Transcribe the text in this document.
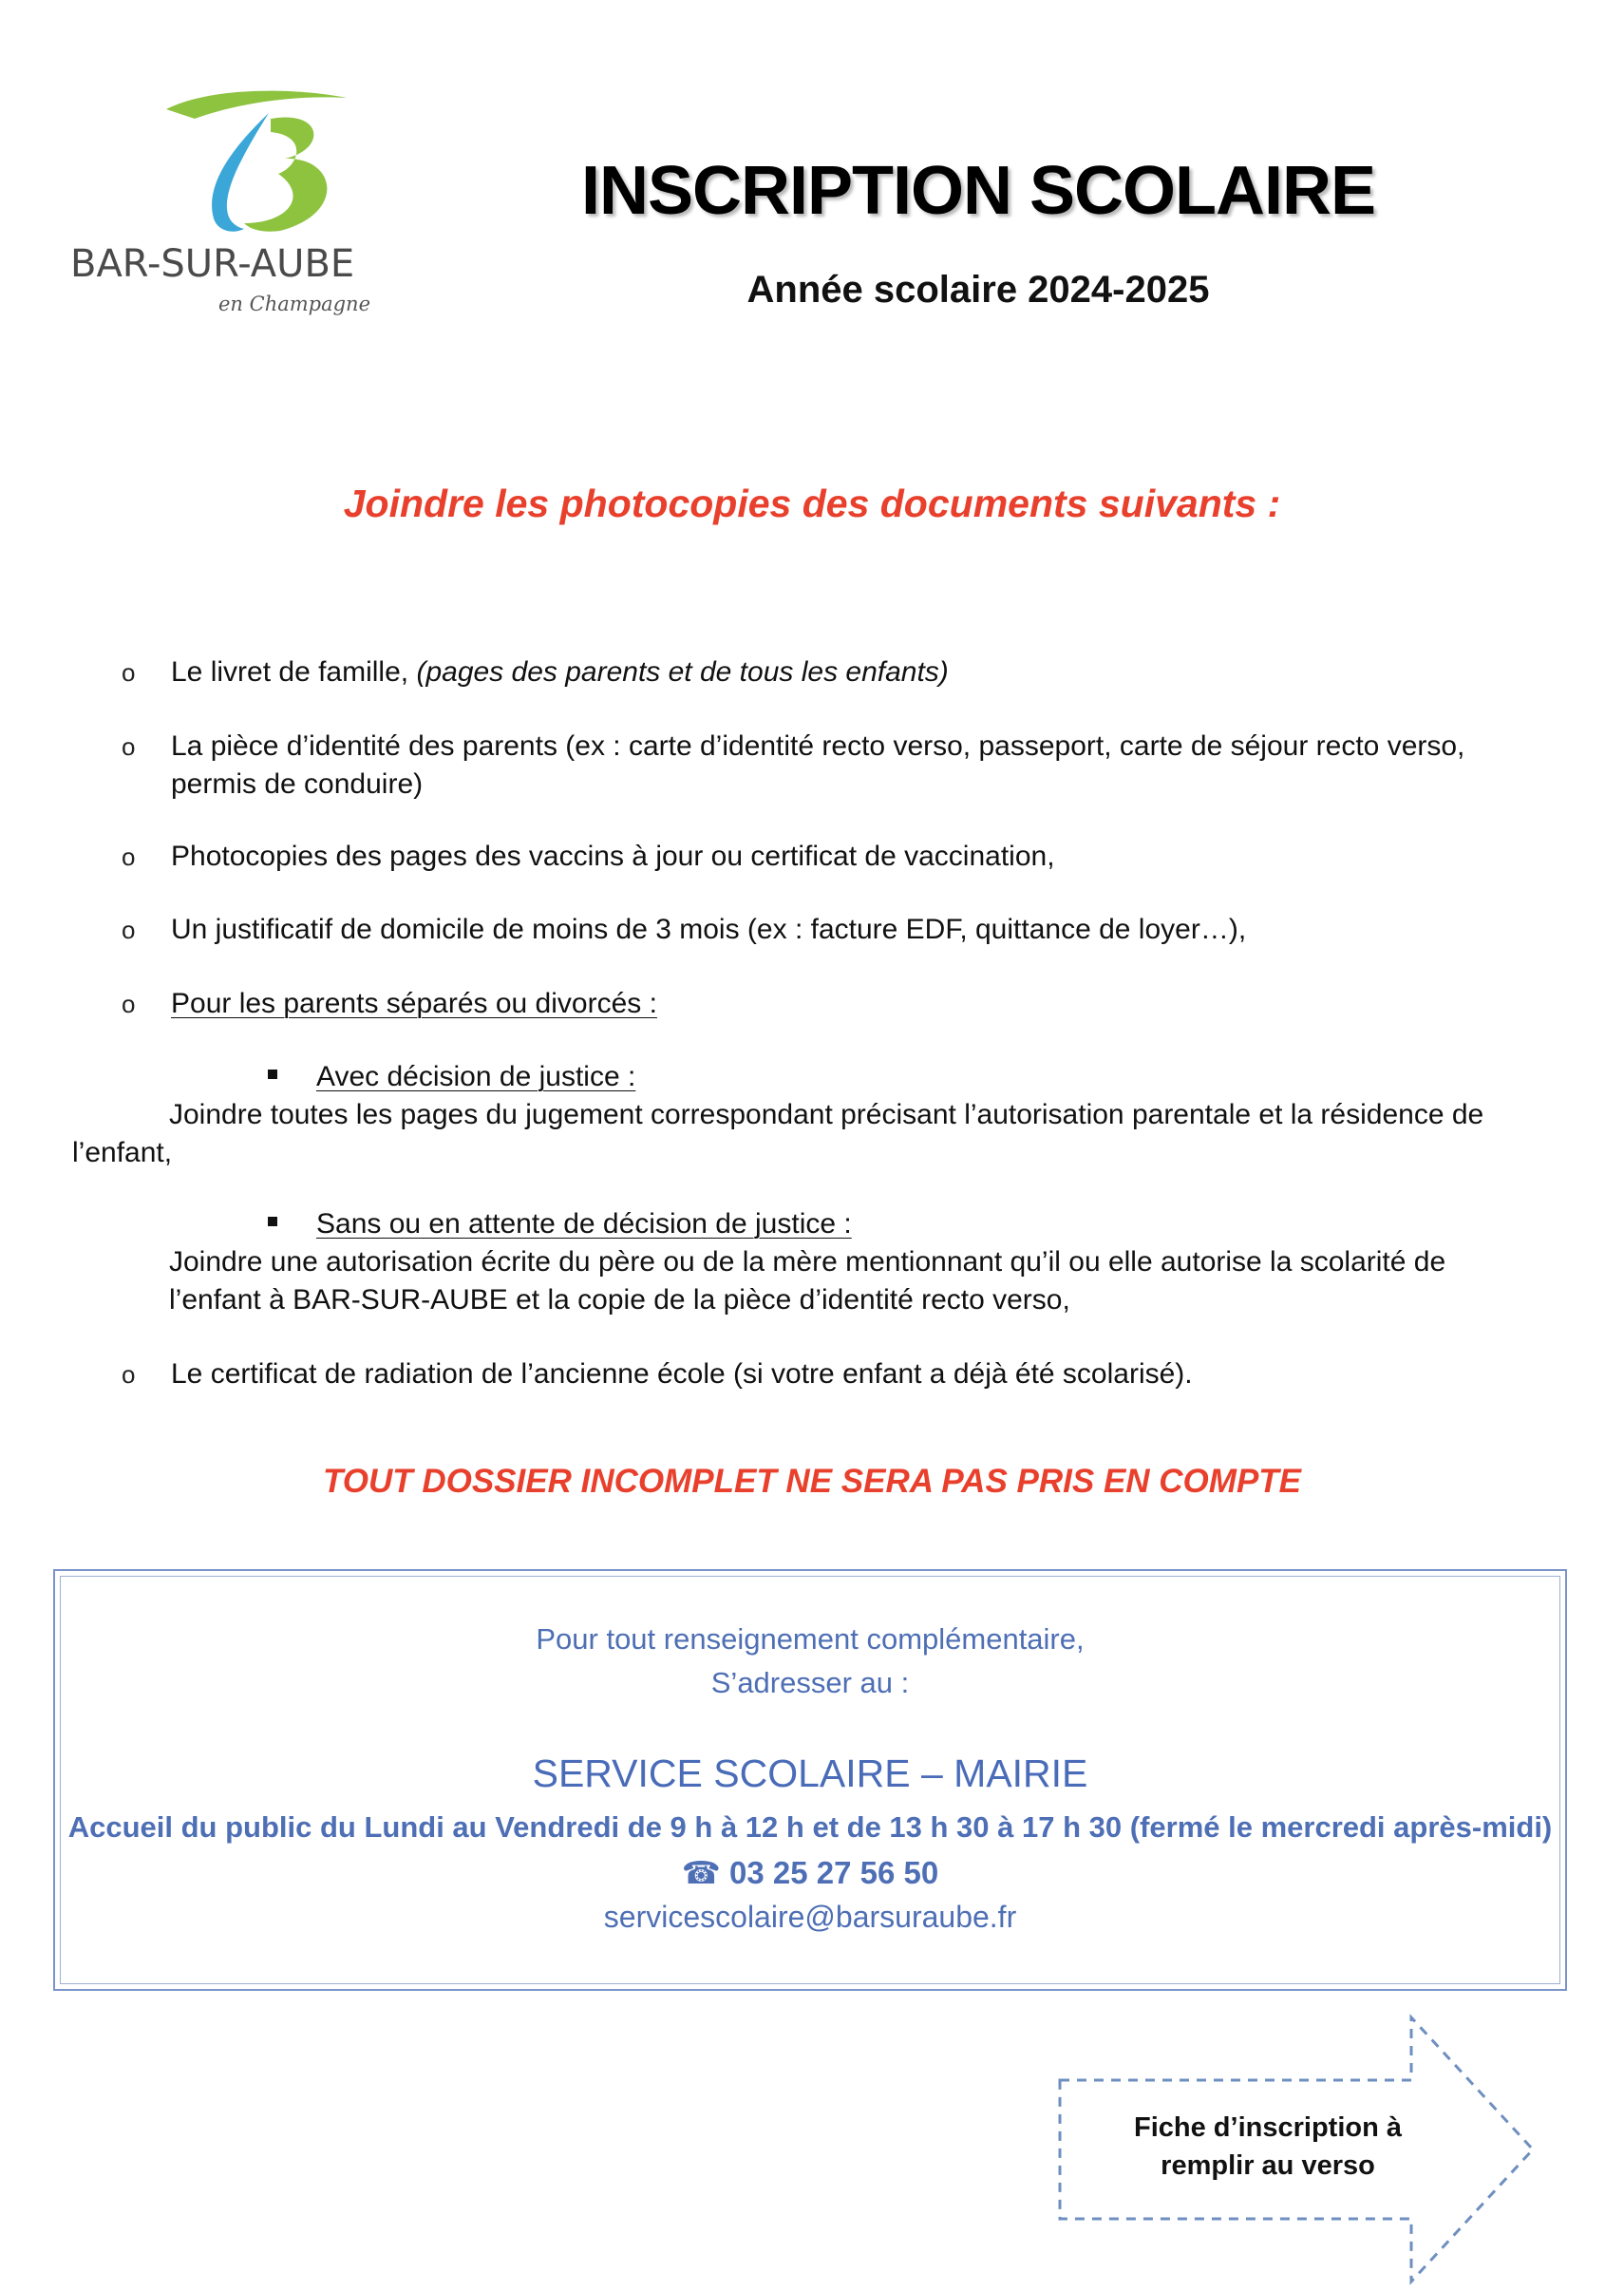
BAR-SUR-AUBE
en Champagne
INSCRIPTION SCOLAIRE
Année scolaire 2024-2025
Joindre les photocopies des documents suivants :
o Le livret de famille, (pages des parents et de tous les enfants)
o La pièce d’identité des parents (ex : carte d’identité recto verso, passeport, carte de séjour recto verso,
permis de conduire)
o Photocopies des pages des vaccins à jour ou certificat de vaccination,
o Un justificatif de domicile de moins de 3 mois (ex : facture EDF, quittance de loyer…),
o Pour les parents séparés ou divorcés :
Avec décision de justice :
Joindre toutes les pages du jugement correspondant précisant l’autorisation parentale et la résidence de
l’enfant,
Sans ou en attente de décision de justice :
Joindre une autorisation écrite du père ou de la mère mentionnant qu’il ou elle autorise la scolarité de
l’enfant à BAR-SUR-AUBE et la copie de la pièce d’identité recto verso,
o Le certificat de radiation de l’ancienne école (si votre enfant a déjà été scolarisé).
TOUT DOSSIER INCOMPLET NE SERA PAS PRIS EN COMPTE
Pour tout renseignement complémentaire,
S’adresser au :
SERVICE SCOLAIRE – MAIRIE
Accueil du public du Lundi au Vendredi de 9 h à 12 h et de 13 h 30 à 17 h 30 (fermé le mercredi après-midi)
☎ 03 25 27 56 50
servicescolaire@barsuraube.fr
Fiche d’inscription à
remplir au verso
